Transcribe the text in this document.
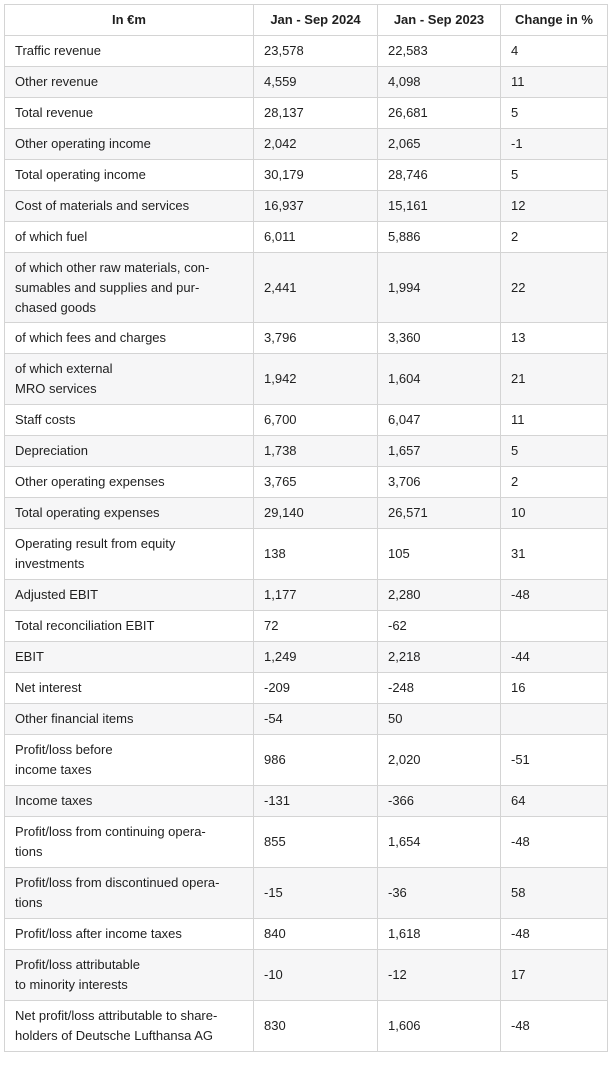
In €m	Jan - Sep 2024	Jan - Sep 2023	Change in %
Traffic revenue	23,578	22,583	4
Other revenue	4,559	4,098	11
Total revenue	28,137	26,681	5
Other operating income	2,042	2,065	-1
Total operating income	30,179	28,746	5
Cost of materials and services	16,937	15,161	12
of which fuel	6,011	5,886	2
of which other raw materials, con-
sumables and supplies and pur-
chased goods	2,441	1,994	22
of which fees and charges	3,796	3,360	13
of which external
MRO services	1,942	1,604	21
Staff costs	6,700	6,047	11
Depreciation	1,738	1,657	5
Other operating expenses	3,765	3,706	2
Total operating expenses	29,140	26,571	10
Operating result from equity
investments	138	105	31
Adjusted EBIT	1,177	2,280	-48
Total reconciliation EBIT	72	-62	
EBIT	1,249	2,218	-44
Net interest	-209	-248	16
Other financial items	-54	50	
Profit/loss before
income taxes	986	2,020	-51
Income taxes	-131	-366	64
Profit/loss from continuing opera-
tions	855	1,654	-48
Profit/loss from discontinued opera-
tions	-15	-36	58
Profit/loss after income taxes	840	1,618	-48
Profit/loss attributable
to minority interests	-10	-12	17
Net profit/loss attributable to share-
holders of Deutsche Lufthansa AG	830	1,606	-48
